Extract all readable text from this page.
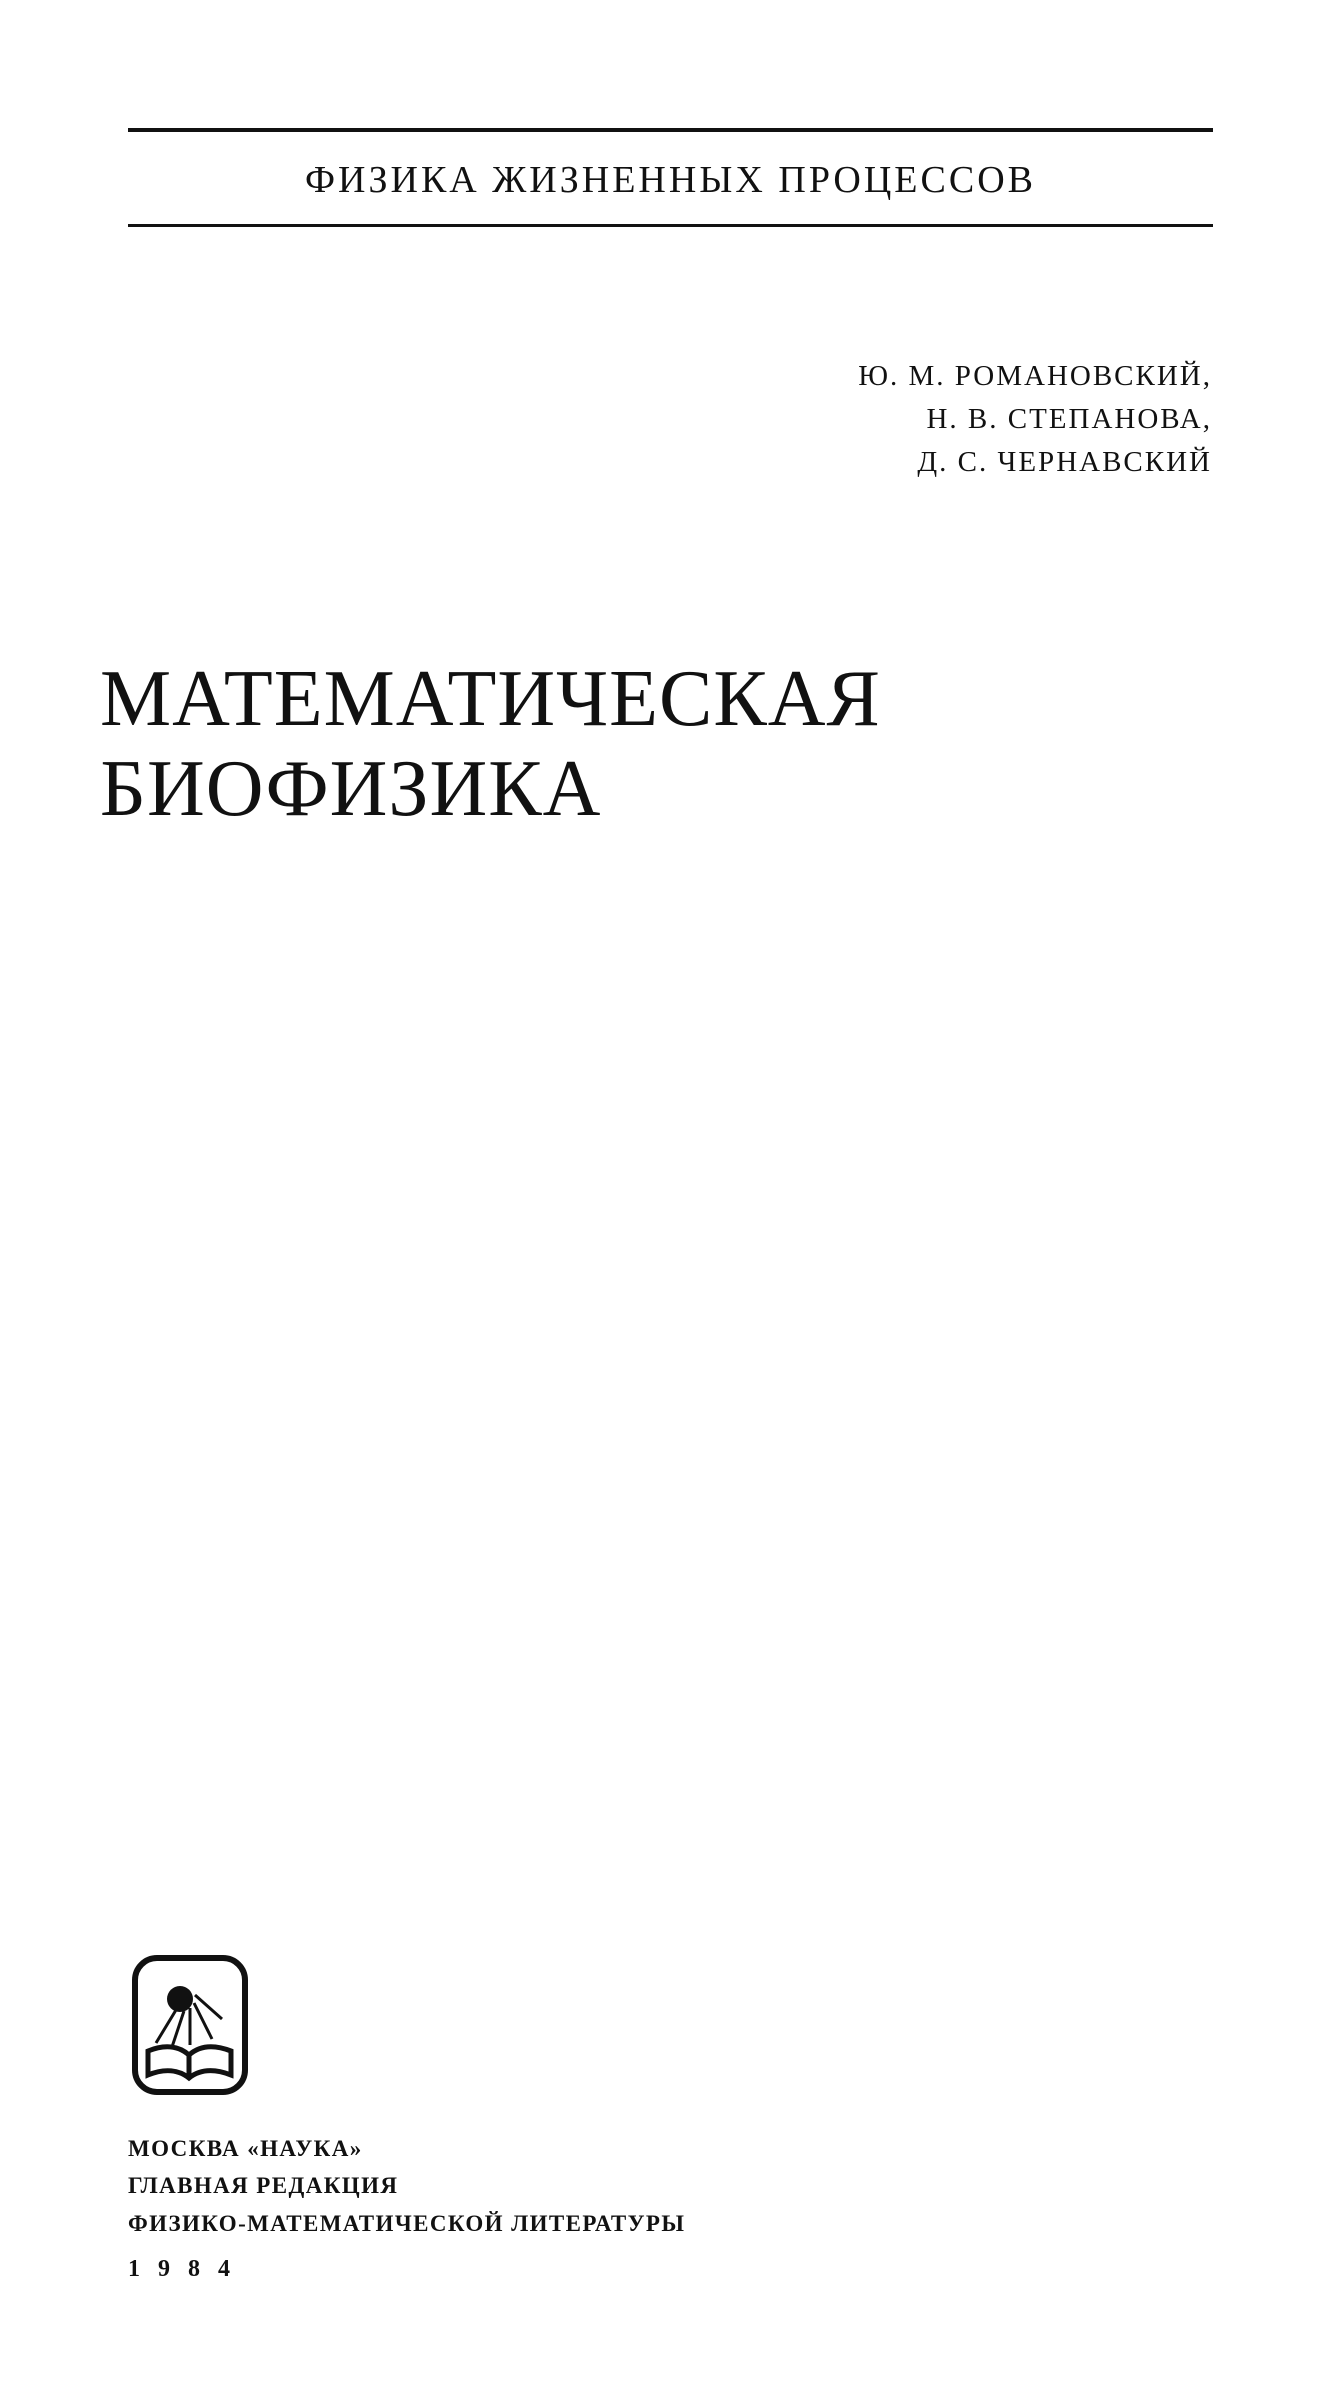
ФИЗИКА ЖИЗНЕННЫХ ПРОЦЕССОВ
Ю. М. РОМАНОВСКИЙ,
Н. В. СТЕПАНОВА,
Д. С. ЧЕРНАВСКИЙ
МАТЕМАТИЧЕСКАЯ
БИОФИЗИКА
МОСКВА «НАУКА»
ГЛАВНАЯ РЕДАКЦИЯ
ФИЗИКО-МАТЕМАТИЧЕСКОЙ ЛИТЕРАТУРЫ
1 9 8 4
